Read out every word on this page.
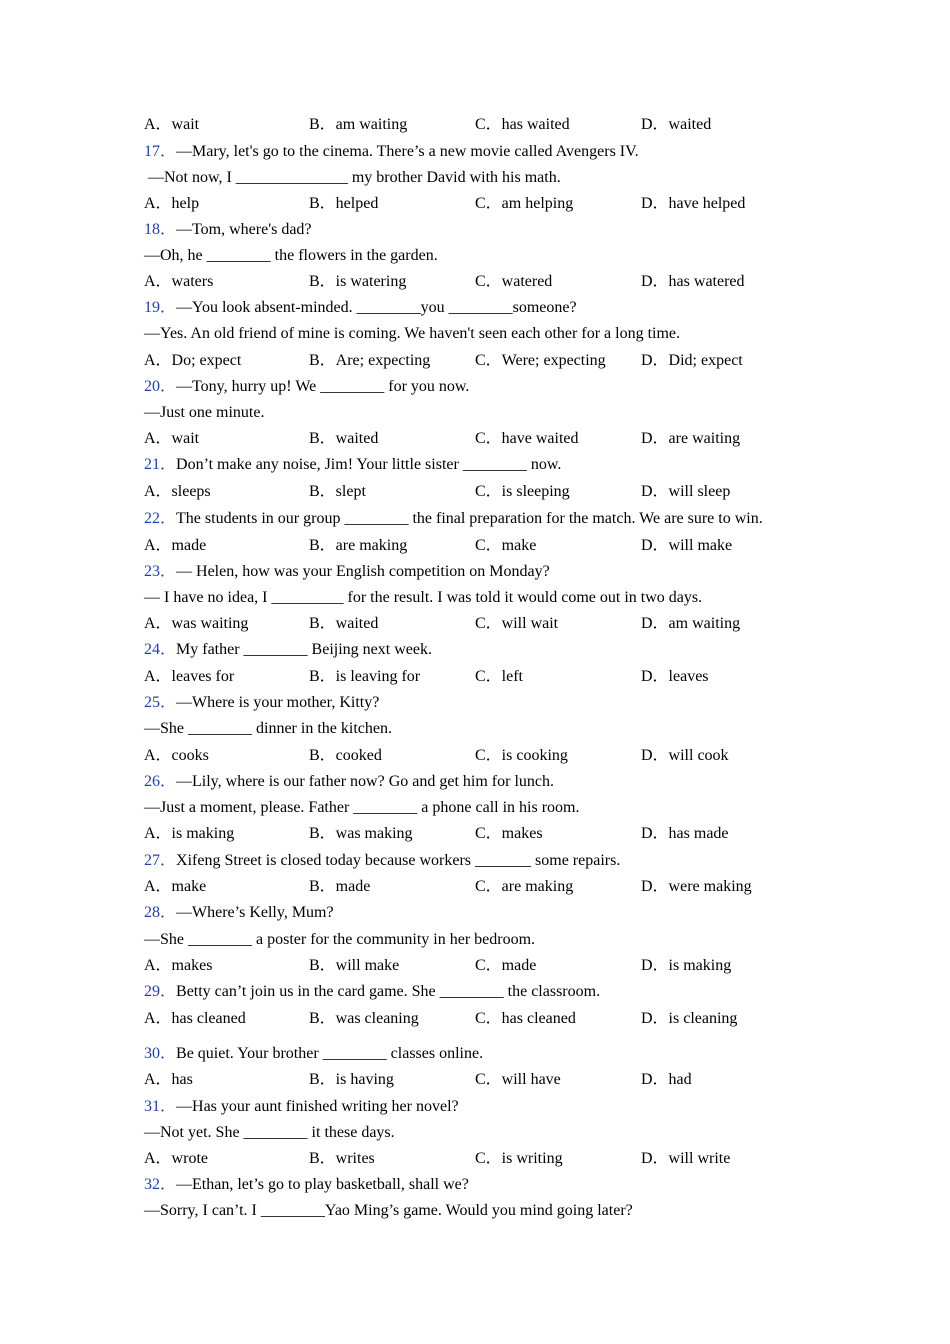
A．wait	B．am waiting	C．has waited	D．waited
17．—Mary, let's go to the cinema. There’s a new movie called Avengers IV.
—Not now, I ______________ my brother David with his math.
A．help	B．helped	C．am helping	D．have helped
18．—Tom, where's dad?
—Oh, he ________ the flowers in the garden.
A．waters	B．is watering	C．watered	D．has watered
19．—You look absent-minded. ________you ________someone?
—Yes. An old friend of mine is coming. We haven't seen each other for a long time.
A．Do; expect	B．Are; expecting	C．Were; expecting D．Did; expect
20．—Tony, hurry up! We ________ for you now.
—Just one minute.
A．wait	B．waited	C．have waited	D．are waiting
21．Don’t make any noise, Jim! Your little sister ________ now.
A．sleeps	B．slept	C．is sleeping	D．will sleep
22．The students in our group ________ the final preparation for the match. We are sure to win.
A．made	B．are making	C．make	D．will make
23．— Helen, how was your English competition on Monday?
— I have no idea, I _________ for the result. I was told it would come out in two days.
A．was waiting	B．waited	C．will wait	D．am waiting
24．My father ________ Beijing next week.
A．leaves for	B．is leaving for	C．left	D．leaves
25．—Where is your mother, Kitty?
—She ________ dinner in the kitchen.
A．cooks	B．cooked	C．is cooking	D．will cook
26．—Lily, where is our father now? Go and get him for lunch.
—Just a moment, please. Father ________ a phone call in his room.
A．is making	B．was making	C．makes	D．has made
27．Xifeng Street is closed today because workers _______ some repairs.
A．make	B．made	C．are making	D．were making
28．—Where’s Kelly, Mum?
—She ________ a poster for the community in her bedroom.
A．makes	B．will make	C．made	D．is making
29．Betty can’t join us in the card game. She ________ the classroom.
A．has cleaned	B．was cleaning	C．has cleaned	D．is cleaning
30．Be quiet. Your brother ________ classes online.
A．has	B．is having	C．will have	D．had
31．—Has your aunt finished writing her novel?
—Not yet. She ________ it these days.
A．wrote	B．writes	C．is writing	D．will write
32．—Ethan, let’s go to play basketball, shall we?
—Sorry, I can’t. I ________Yao Ming’s game. Would you mind going later?
